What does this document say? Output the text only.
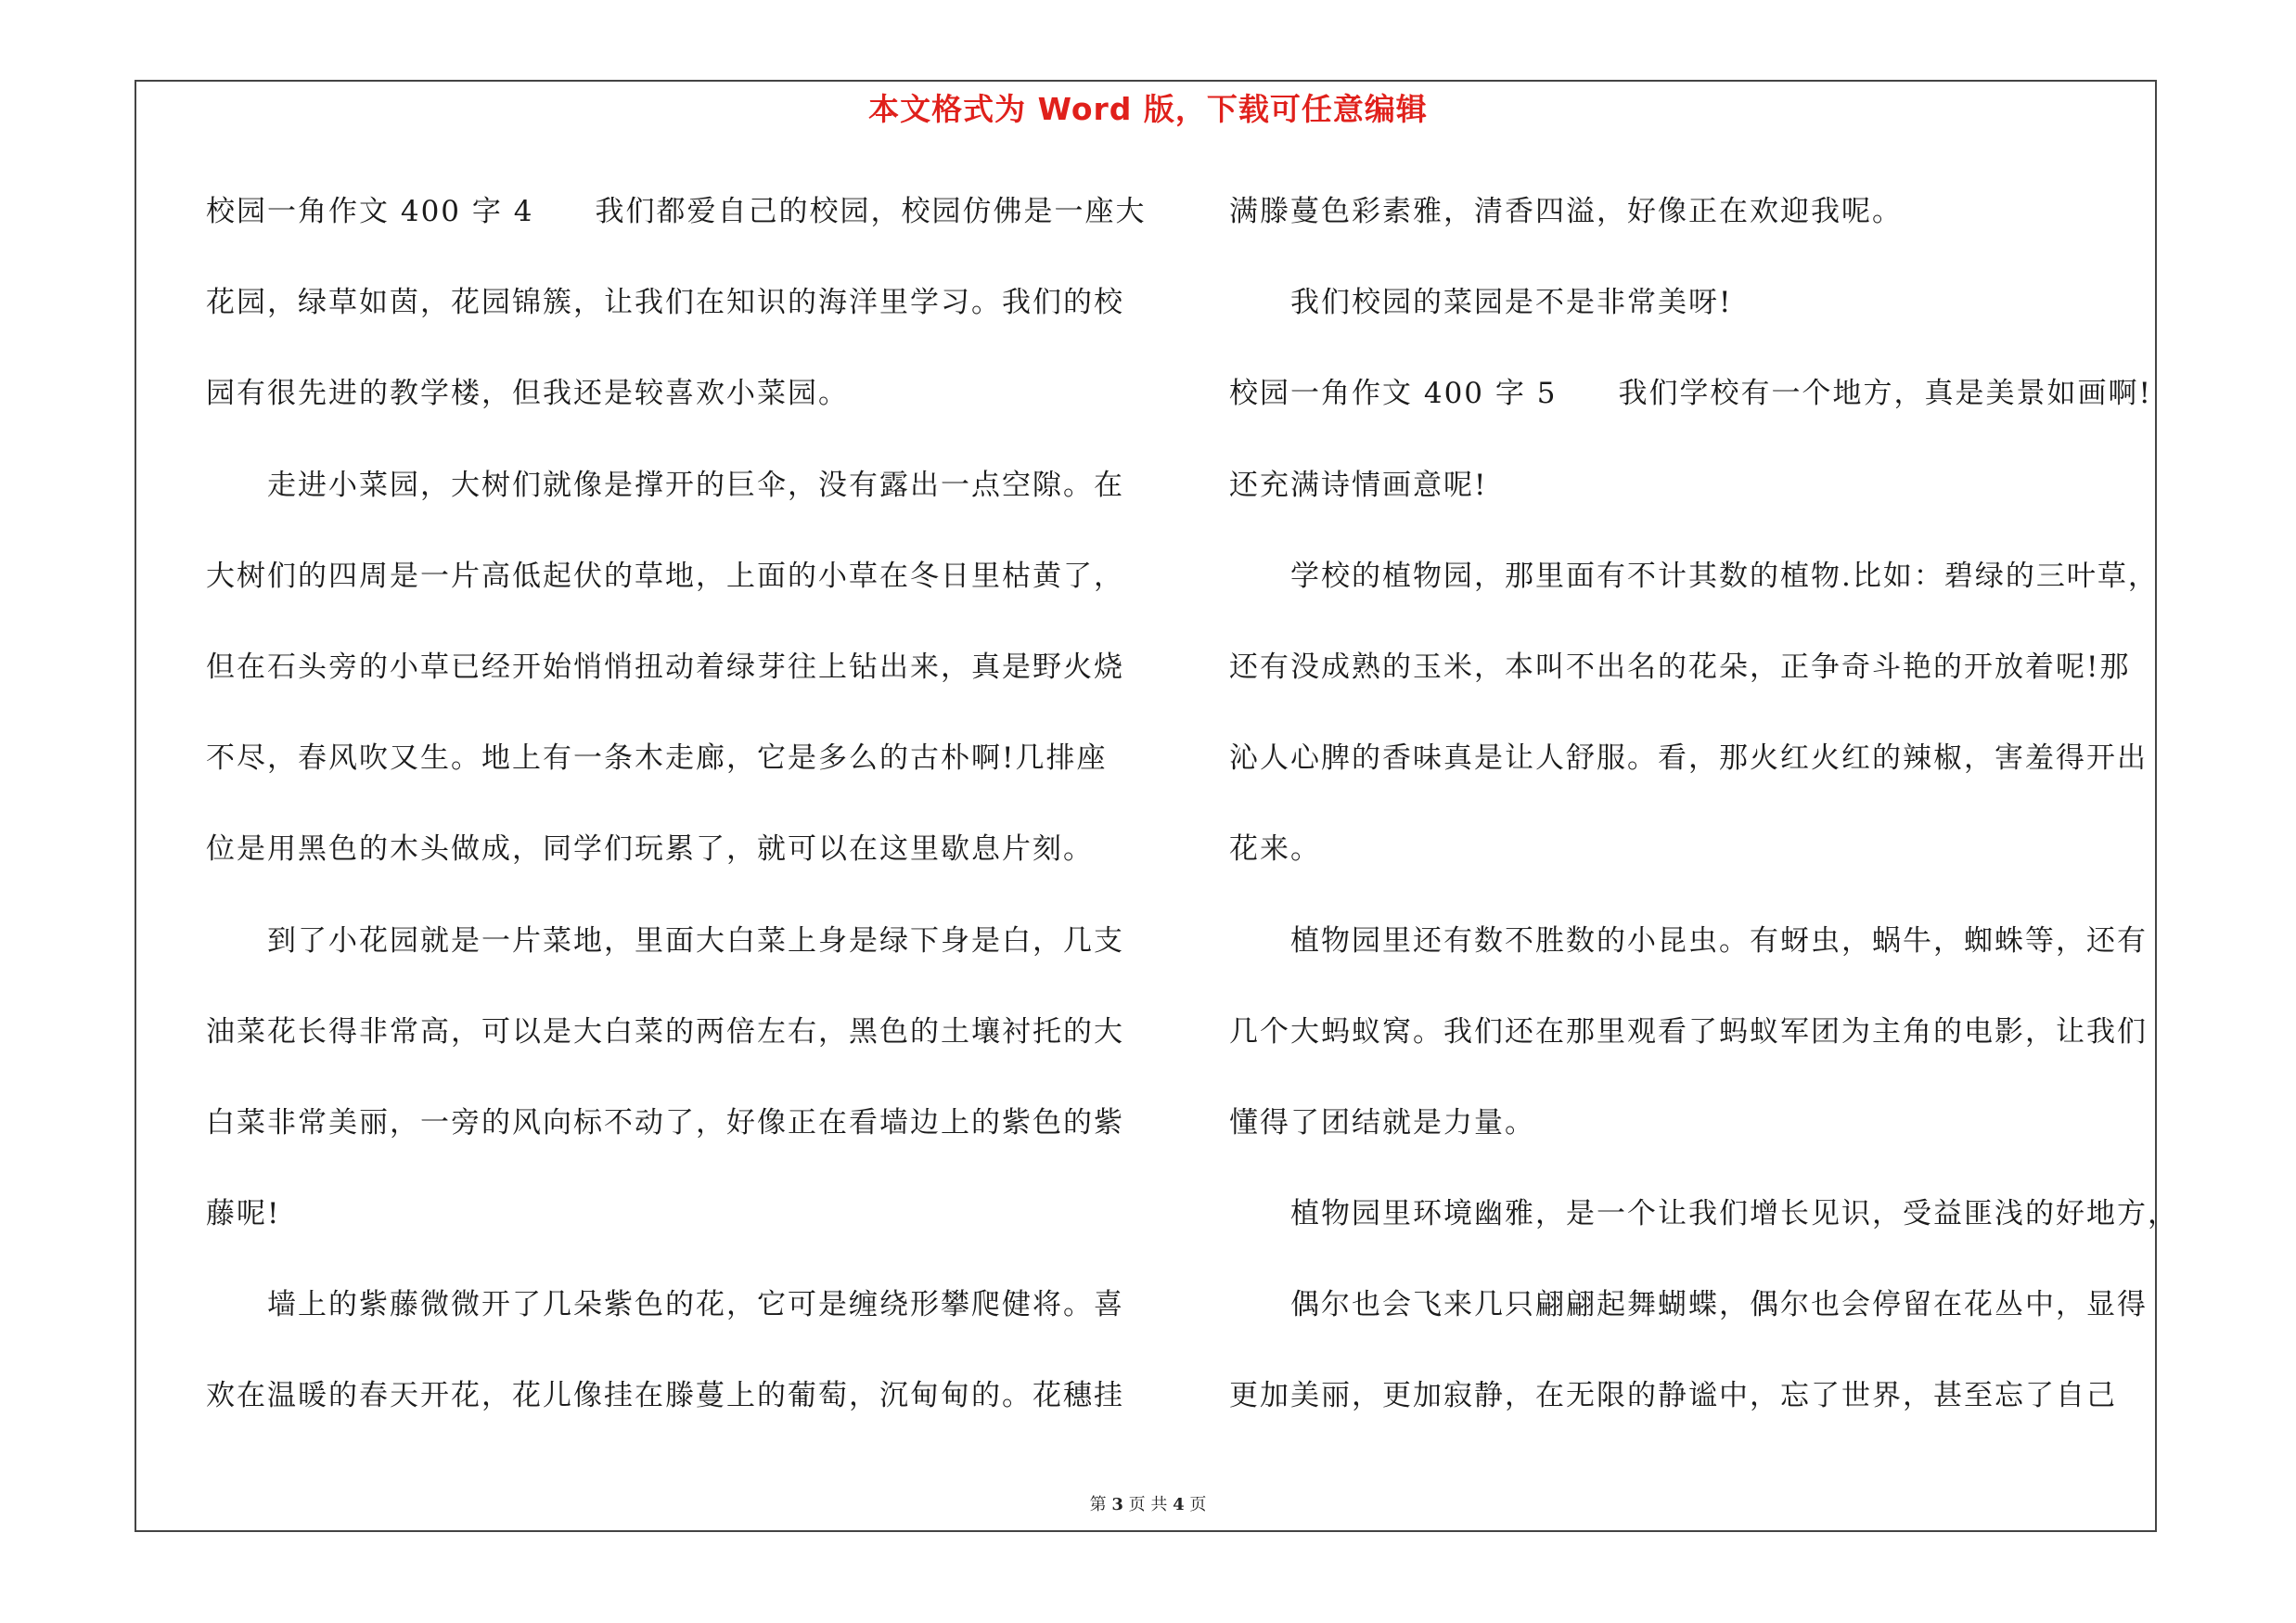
本文格式为 Word 版，下载可任意编辑
校园一角作文 400 字 4　　我们都爱自己的校园，校园仿佛是一座大
花园，绿草如茵，花园锦簇，让我们在知识的海洋里学习。我们的校
园有很先进的教学楼，但我还是较喜欢小菜园。
　　走进小菜园，大树们就像是撑开的巨伞，没有露出一点空隙。在
大树们的四周是一片高低起伏的草地，上面的小草在冬日里枯黄了，
但在石头旁的小草已经开始悄悄扭动着绿芽往上钻出来，真是野火烧
不尽，春风吹又生。地上有一条木走廊，它是多么的古朴啊!几排座
位是用黑色的木头做成，同学们玩累了，就可以在这里歇息片刻。
　　到了小花园就是一片菜地，里面大白菜上身是绿下身是白，几支
油菜花长得非常高，可以是大白菜的两倍左右，黑色的土壤衬托的大
白菜非常美丽，一旁的风向标不动了，好像正在看墙边上的紫色的紫
藤呢!
　　墙上的紫藤微微开了几朵紫色的花，它可是缠绕形攀爬健将。喜
欢在温暖的春天开花，花儿像挂在滕蔓上的葡萄，沉甸甸的。花穗挂
满滕蔓色彩素雅，清香四溢，好像正在欢迎我呢。
　　我们校园的菜园是不是非常美呀!
校园一角作文 400 字 5　　我们学校有一个地方，真是美景如画啊!
还充满诗情画意呢!
　　学校的植物园，那里面有不计其数的植物.比如：碧绿的三叶草，
还有没成熟的玉米，本叫不出名的花朵，正争奇斗艳的开放着呢!那
沁人心脾的香味真是让人舒服。看，那火红火红的辣椒，害羞得开出
花来。
　　植物园里还有数不胜数的小昆虫。有蚜虫，蜗牛，蜘蛛等，还有
几个大蚂蚁窝。我们还在那里观看了蚂蚁军团为主角的电影，让我们
懂得了团结就是力量。
　　植物园里环境幽雅，是一个让我们增长见识，受益匪浅的好地方，
　　偶尔也会飞来几只翩翩起舞蝴蝶，偶尔也会停留在花丛中，显得
更加美丽，更加寂静，在无限的静谧中，忘了世界，甚至忘了自己
第 3 页 共 4 页
